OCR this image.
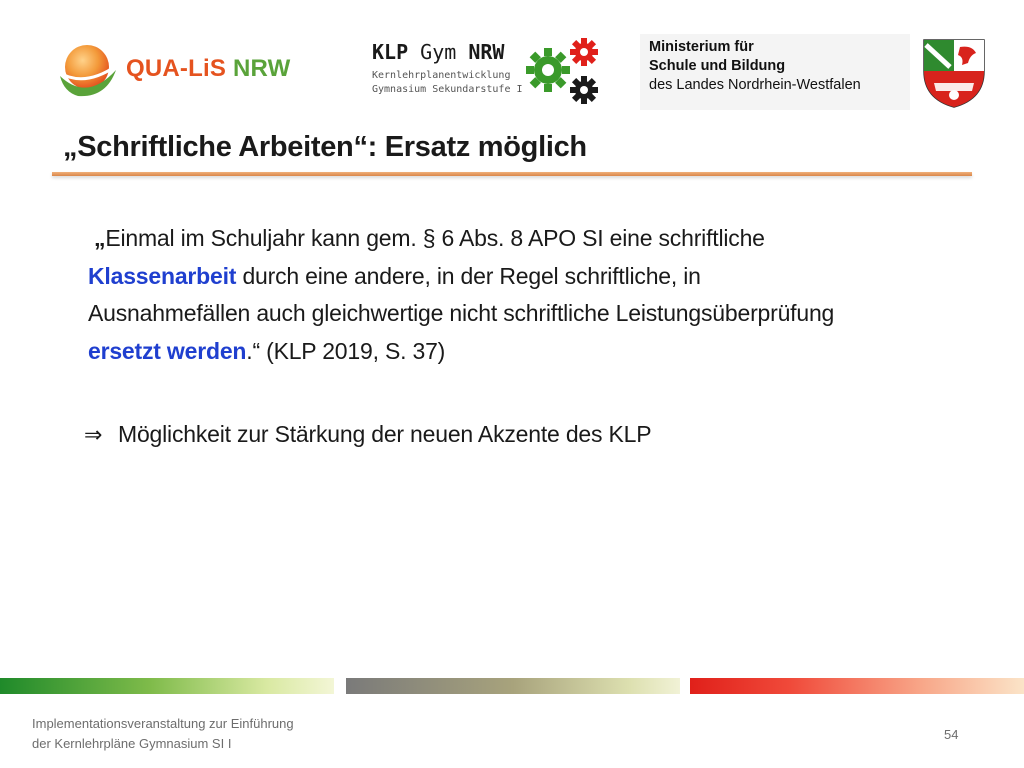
QUA-LiS NRW
KLP Gym NRW
Kernlehrplanentwicklung
Gymnasium Sekundarstufe I
Ministerium für
Schule und Bildung
des Landes Nordrhein-Westfalen
„Schriftliche Arbeiten“: Ersatz möglich
„Einmal im Schuljahr kann gem. § 6 Abs. 8 APO SI eine schriftliche Klassenarbeit durch eine andere, in der Regel schriftliche, in Ausnahmefällen auch gleichwertige nicht schriftliche Leistungsüberprüfung ersetzt werden.“ (KLP 2019, S. 37)
⇒ Möglichkeit zur Stärkung der neuen Akzente des KLP
Implementationsveranstaltung zur Einführung
der Kernlehrpläne Gymnasium SI I
54
